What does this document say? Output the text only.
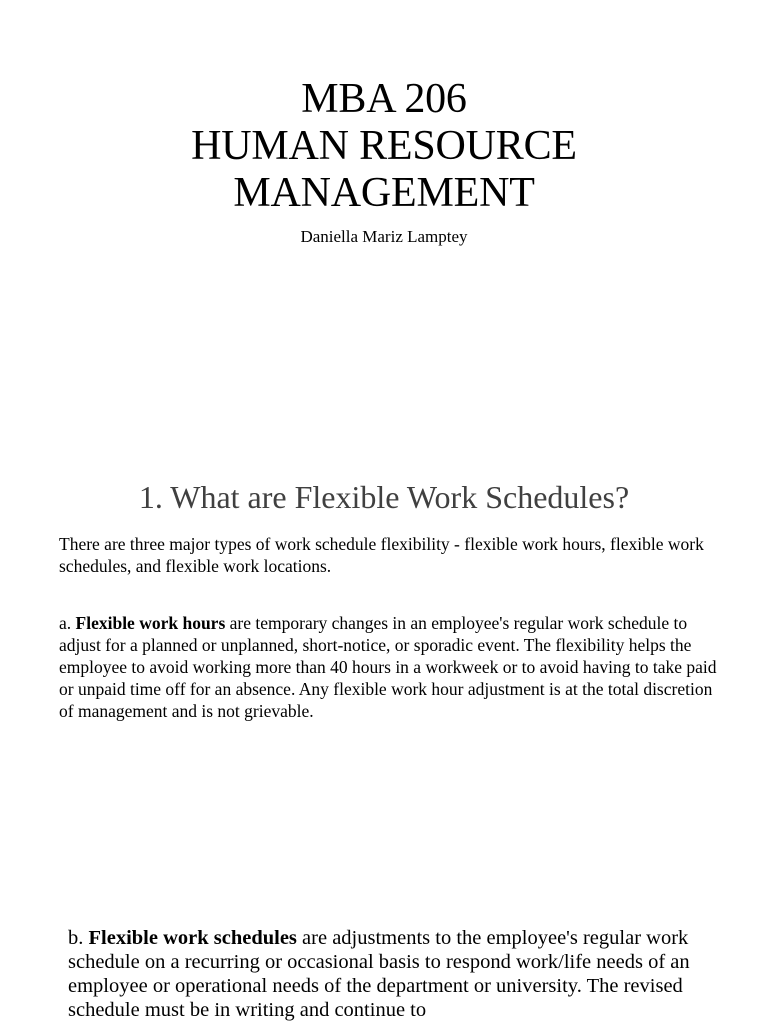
MBA 206
HUMAN RESOURCE
MANAGEMENT
Daniella Mariz Lamptey
1. What are Flexible Work Schedules?

There are three major types of work schedule flexibility - flexible work hours, flexible work schedules, and flexible work locations.

a. Flexible work hours are temporary changes in an employee's regular work schedule to adjust for a planned or unplanned, short-notice, or sporadic event. The flexibility helps the employee to avoid working more than 40 hours in a workweek or to avoid having to take paid or unpaid time off for an absence. Any flexible work hour adjustment is at the total discretion of management and is not grievable.

b. Flexible work schedules are adjustments to the employee's regular work schedule on a recurring or occasional basis to respond work/life needs of an employee or operational needs of the department or university. The revised schedule must be in writing and continue to
